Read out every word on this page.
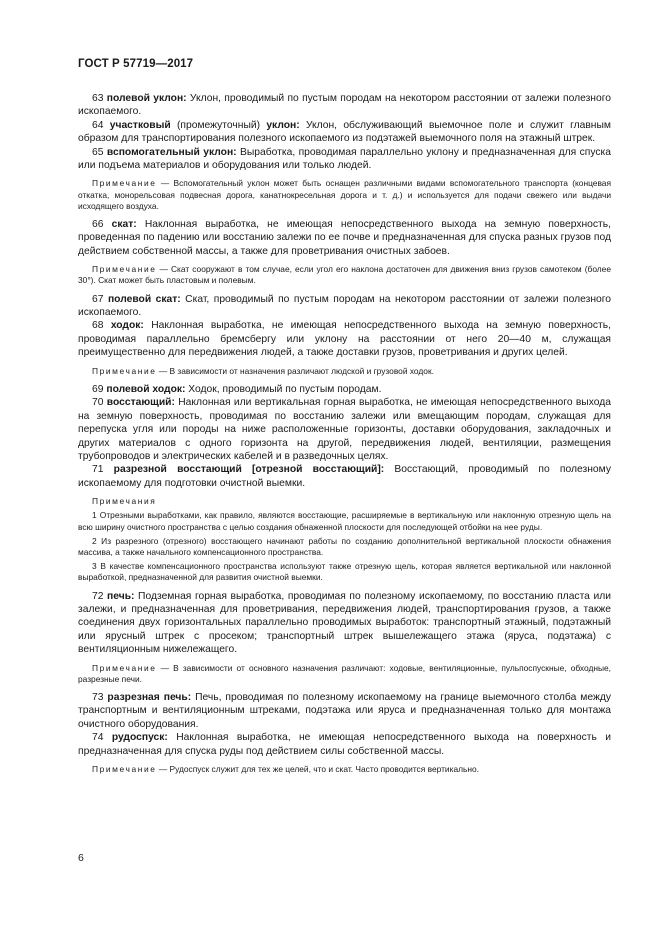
ГОСТ Р 57719—2017

63 полевой уклон: Уклон, проводимый по пустым породам на некотором расстоянии от залежи полезного ископаемого.

64 участковый (промежуточный) уклон: Уклон, обслуживающий выемочное поле и служит главным образом для транспортирования полезного ископаемого из подэтажей выемочного поля на этажный штрек.

65 вспомогательный уклон: Выработка, проводимая параллельно уклону и предназначенная для спуска или подъема материалов и оборудования или только людей.

Примечание — Вспомогательный уклон может быть оснащен различными видами вспомогательного транспорта (концевая откатка, монорельсовая подвесная дорога, канатнокресельная дорога и т. д.) и используется для подачи свежего или выдачи исходящего воздуха.

66 скат: Наклонная выработка, не имеющая непосредственного выхода на земную поверхность, проведенная по падению или восстанию залежи по ее почве и предназначенная для спуска разных грузов под действием собственной массы, а также для проветривания очистных забоев.

Примечание — Скат сооружают в том случае, если угол его наклона достаточен для движения вниз грузов самотеком (более 30°). Скат может быть пластовым и полевым.

67 полевой скат: Скат, проводимый по пустым породам на некотором расстоянии от залежи полезного ископаемого.

68 ходок: Наклонная выработка, не имеющая непосредственного выхода на земную поверхность, проводимая параллельно бремсбергу или уклону на расстоянии от него 20—40 м, служащая преимущественно для передвижения людей, а также доставки грузов, проветривания и других целей.

Примечание — В зависимости от назначения различают людской и грузовой ходок.

69 полевой ходок: Ходок, проводимый по пустым породам.

70 восстающий: Наклонная или вертикальная горная выработка, не имеющая непосредственного выхода на земную поверхность, проводимая по восстанию залежи или вмещающим породам, служащая для перепуска угля или породы на ниже расположенные горизонты, доставки оборудования, закладочных и других материалов с одного горизонта на другой, передвижения людей, вентиляции, размещения трубопроводов и электрических кабелей и в разведочных целях.

71 разрезной восстающий [отрезной восстающий]: Восстающий, проводимый по полезному ископаемому для подготовки очистной выемки.

Примечания

1 Отрезными выработками, как правило, являются восстающие, расширяемые в вертикальную или наклонную отрезную щель на всю ширину очистного пространства с целью создания обнаженной плоскости для последующей отбойки на нее руды.

2 Из разрезного (отрезного) восстающего начинают работы по созданию дополнительной вертикальной плоскости обнажения массива, а также начального компенсационного пространства.

3 В качестве компенсационного пространства используют также отрезную щель, которая является вертикальной или наклонной выработкой, предназначенной для развития очистной выемки.

72 печь: Подземная горная выработка, проводимая по полезному ископаемому, по восстанию пласта или залежи, и предназначенная для проветривания, передвижения людей, транспортирования грузов, а также соединения двух горизонтальных параллельно проводимых выработок: транспортный этажный, подэтажный или ярусный штрек с просеком; транспортный штрек вышележащего этажа (яруса, подэтажа) с вентиляционным нижележащего.

Примечание — В зависимости от основного назначения различают: ходовые, вентиляционные, пульпоспускные, обходные, разрезные печи.

73 разрезная печь: Печь, проводимая по полезному ископаемому на границе выемочного столба между транспортным и вентиляционным штреками, подэтажа или яруса и предназначенная только для монтажа очистного оборудования.

74 рудоспуск: Наклонная выработка, не имеющая непосредственного выхода на поверхность и предназначенная для спуска руды под действием силы собственной массы.

Примечание — Рудоспуск служит для тех же целей, что и скат. Часто проводится вертикально.

6
